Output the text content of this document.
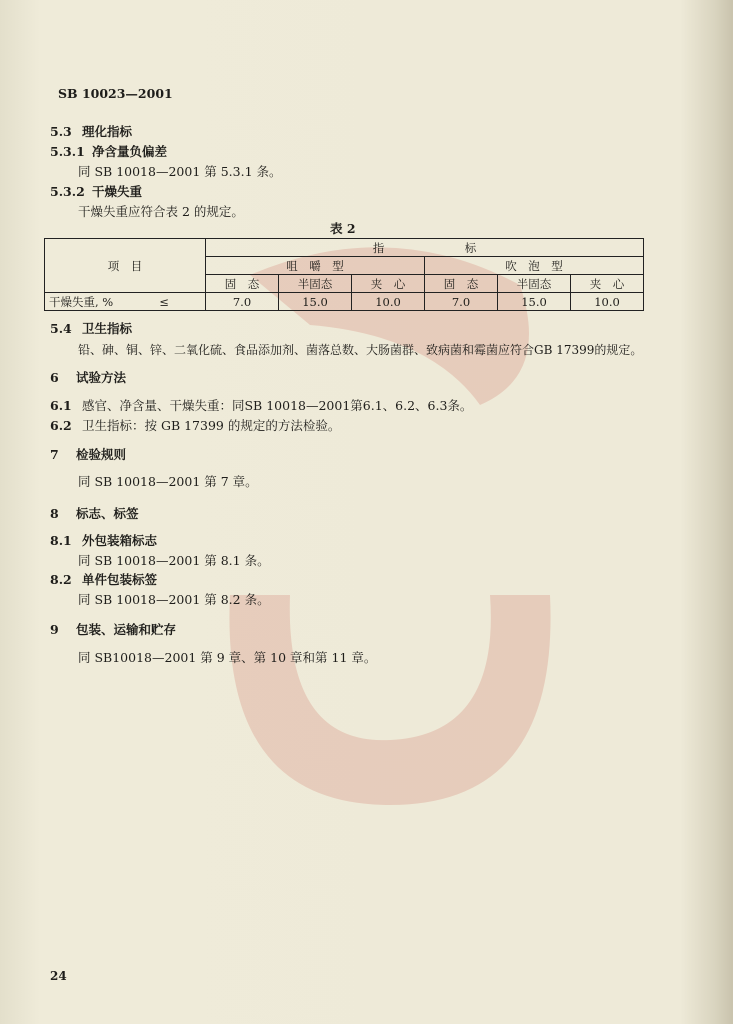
SB 10023—2001
5.3 理化指标
5.3.1 净含量负偏差
同 SB 10018—2001 第 5.3.1 条。
5.3.2 干燥失重
干燥失重应符合表 2 的规定。
表 2
项　目	指　　　　　　　标					
	咀　嚼　型			吹　泡　型		
	固　态	半固态	夹　心	固　态	半固态	夹　心
干燥失重, %　　　　≤	7.0	15.0	10.0	7.0	15.0	10.0
5.4 卫生指标
铅、砷、铜、锌、二氧化硫、食品添加剂、菌落总数、大肠菌群、致病菌和霉菌应符合GB 17399的规定。
6 试验方法
6.1 感官、净含量、干燥失重：同SB 10018—2001第6.1、6.2、6.3条。
6.2 卫生指标：按 GB 17399 的规定的方法检验。
7 检验规则
同 SB 10018—2001 第 7 章。
8 标志、标签
8.1 外包装箱标志
同 SB 10018—2001 第 8.1 条。
8.2 单件包装标签
同 SB 10018—2001 第 8.2 条。
9 包装、运输和贮存
同 SB10018—2001 第 9 章、第 10 章和第 11 章。
24
